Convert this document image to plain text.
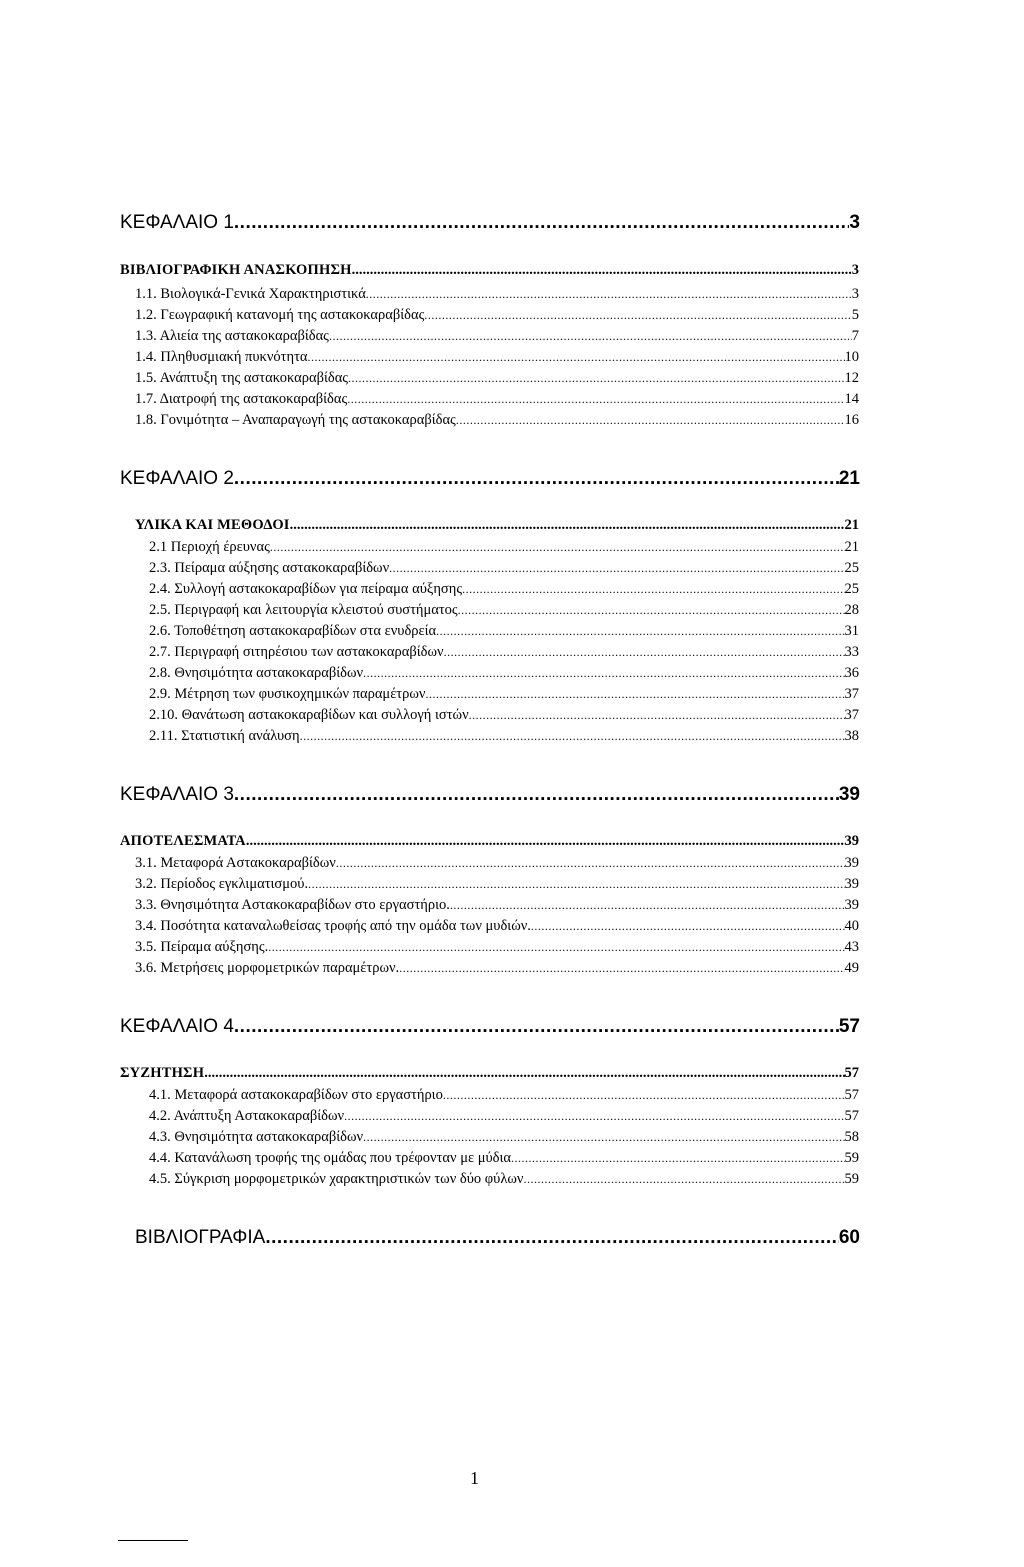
ΚΕΦΑΛΑΙΟ 1 .....	3
ΒΙΒΛΙΟΓΡΑΦΙΚΗ ΑΝΑΣΚΟΠΗΣΗ .....	3
1.1. Βιολογικά-Γενικά Χαρακτηριστικά .....	3
1.2. Γεωγραφική κατανομή της αστακοκαραβίδας .....	5
1.3. Αλιεία της αστακοκαραβίδας .....	7
1.4. Πληθυσμιακή πυκνότητα .....	10
1.5. Ανάπτυξη της αστακοκαραβίδας .....	12
1.7. Διατροφή της αστακοκαραβίδας .....	14
1.8. Γονιμότητα – Αναπαραγωγή της αστακοκαραβίδας .....	16
ΚΕΦΑΛΑΙΟ 2 .....	21
ΥΛΙΚΑ ΚΑΙ ΜΕΘΟΔΟΙ .....	21
2.1 Περιοχή έρευνας .....	21
2.3. Πείραμα αύξησης αστακοκαραβίδων .....	25
2.4. Συλλογή αστακοκαραβίδων για πείραμα αύξησης .....	25
2.5. Περιγραφή και λειτουργία κλειστού συστήματος .....	28
2.6. Τοποθέτηση αστακοκαραβίδων στα ενυδρεία .....	31
2.7. Περιγραφή σιτηρέσιου των αστακοκαραβίδων .....	33
2.8. Θνησιμότητα αστακοκαραβίδων .....	36
2.9. Μέτρηση των φυσικοχημικών παραμέτρων .....	37
2.10. Θανάτωση αστακοκαραβίδων και συλλογή ιστών .....	37
2.11. Στατιστική ανάλυση .....	38
ΚΕΦΑΛΑΙΟ 3 .....	39
ΑΠΟΤΕΛΕΣΜΑΤΑ .....	39
3.1. Μεταφορά Αστακοκαραβίδων .....	39
3.2. Περίοδος εγκλιματισμού. .....	39
3.3. Θνησιμότητα Αστακοκαραβίδων στο εργαστήριο. .....	39
3.4. Ποσότητα καταναλωθείσας τροφής από την ομάδα των μυδιών. .....	40
3.5. Πείραμα αύξησης. .....	43
3.6. Μετρήσεις μορφομετρικών παραμέτρων. .....	49
ΚΕΦΑΛΑΙΟ 4 .....	57
ΣΥΖΗΤΗΣΗ .....	57
4.1. Μεταφορά αστακοκαραβίδων στο εργαστήριο .....	57
4.2. Ανάπτυξη Αστακοκαραβίδων .....	57
4.3. Θνησιμότητα αστακοκαραβίδων .....	58
4.4. Κατανάλωση τροφής της ομάδας που τρέφονταν με μύδια .....	59
4.5. Σύγκριση μορφομετρικών χαρακτηριστικών των δύο φύλων .....	59
ΒΙΒΛΙΟΓΡΑΦΙΑ .....	60
1
